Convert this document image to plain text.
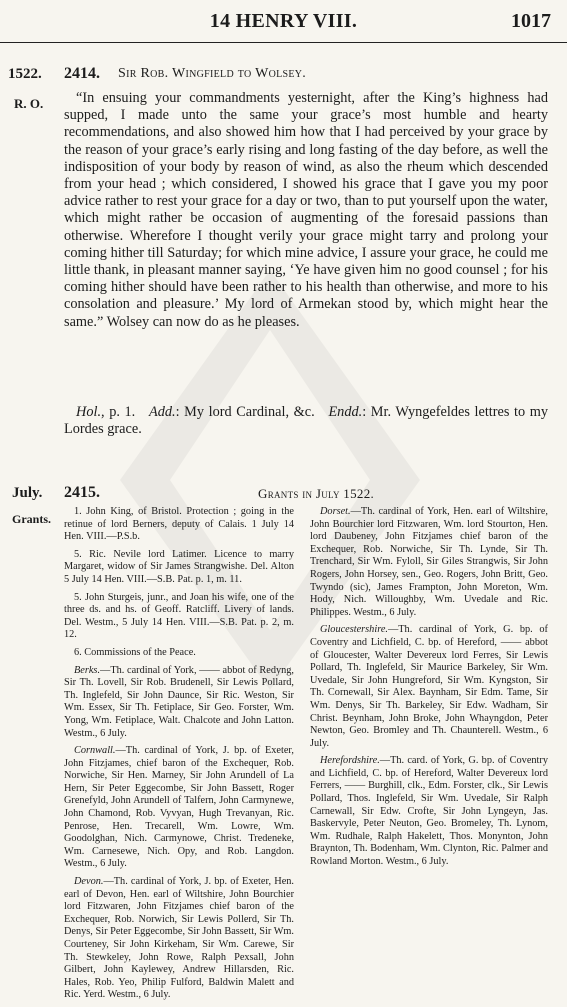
14 HENRY VIII.	1017
1522.
R. O.
2414. Sir Rob. Wingfield to Wolsey.

“In ensuing your commandments yesternight, after the King’s highness had supped, I made unto the same your grace’s most humble and hearty recommendations, and also showed him how that I had perceived by your grace by the reason of your grace’s early rising and long fasting of the day before, as well the indisposition of your body by reason of wind, as also the rheum which descended from your head ; which considered, I showed his grace that I gave you my poor advice rather to rest your grace for a day or two, than to put yourself upon the water, which might rather be occasion of augmenting of the foresaid passions than otherwise. Wherefore I thought verily your grace might tarry and prolong your coming hither till Saturday; for which mine advice, I assure your grace, he could me little thank, in pleasant manner saying, ‘Ye have given him no good counsel ; for his coming hither should have been rather to his health than otherwise, and more to his consolation and pleasure.’ My lord of Armekan stood by, which might hear the same.” Wolsey can now do as he pleases.

Hol., p. 1. Add.: My lord Cardinal, &c. Endd.: Mr. Wyngefeldes lettres to my Lordes grace.

July.
Grants.
2415.	Grants in July 1522.

1. John King, of Bristol. Protection ; going in the retinue of lord Berners, deputy of Calais. 1 July 14 Hen. VIII.—P.S.b.

5. Ric. Nevile lord Latimer. Licence to marry Margaret, widow of Sir James Strangwishe. Del. Alton 5 July 14 Hen. VIII.—S.B. Pat. p. 1, m. 11.

5. John Sturgeis, junr., and Joan his wife, one of the three ds. and hs. of Geoff. Ratcliff. Livery of lands. Del. Westm., 5 July 14 Hen. VIII.—S.B. Pat. p. 2, m. 12.

6. Commissions of the Peace.

Berks.—Th. cardinal of York, —— abbot of Redyng, Sir Th. Lovell, Sir Rob. Brudenell, Sir Lewis Pollard, Th. Inglefeld, Sir John Daunce, Sir Ric. Weston, Sir Wm. Essex, Sir Th. Fetiplace, Sir Geo. Forster, Wm. Yong, Wm. Fetiplace, Walt. Chalcote and John Latton. Westm., 6 July.

Cornwall.—Th. cardinal of York, J. bp. of Exeter, John Fitzjames, chief baron of the Exchequer, Rob. Norwiche, Sir Hen. Marney, Sir John Arundell of La Hern, Sir Peter Eggecombe, Sir John Bassett, Roger Grenefyld, John Arundell of Talfern, John Carmynewe, John Chamond, Rob. Vyvyan, Hugh Trevanyan, Ric. Penrose, Hen. Trecarell, Wm. Lowre, Wm. Goodolghan, Nich. Carmynowe, Christ. Tredeneke, Wm. Carnesewe, Nich. Opy, and Rob. Langdon. Westm., 6 July.

Devon.—Th. cardinal of York, J. bp. of Exeter, Hen. earl of Devon, Hen. earl of Wiltshire, John Bourchier lord Fitzwaren, John Fitzjames chief baron of the Exchequer, Rob. Norwich, Sir Lewis Pollerd, Sir Th. Denys, Sir Peter Eggecombe, Sir John Bassett, Sir Wm. Courteney, Sir John Kirkeham, Sir Wm. Carewe, Sir Th. Stewkeley, John Rowe, Ralph Pexsall, John Gilbert, John Kaylewey, Andrew Hillarsden, Ric. Hales, Rob. Yeo, Philip Fulford, Baldwin Malett and Ric. Yerd. Westm., 6 July.

Dorset.—Th. cardinal of York, Hen. earl of Wiltshire, John Bourchier lord Fitzwaren, Wm. lord Stourton, Hen. lord Daubeney, John Fitzjames chief baron of the Exchequer, Rob. Norwiche, Sir Th. Lynde, Sir Th. Trenchard, Sir Wm. Fyloll, Sir Giles Strangwis, Sir John Rogers, John Horsey, sen., Geo. Rogers, John Britt, Geo. Twyndo (sic), James Frampton, John Moreton, Wm. Hody, Nich. Willoughby, Wm. Uvedale and Ric. Philippes. Westm., 6 July.

Gloucestershire.—Th. cardinal of York, G. bp. of Coventry and Lichfield, C. bp. of Hereford, —— abbot of Gloucester, Walter Devereux lord Ferres, Sir Lewis Pollard, Th. Inglefeld, Sir Maurice Barkeley, Sir Wm. Uvedale, Sir John Hungreford, Sir Wm. Kyngston, Sir Th. Cornewall, Sir Alex. Baynham, Sir Edm. Tame, Sir Wm. Denys, Sir Th. Barkeley, Sir Edw. Wadham, Sir Christ. Beynham, John Broke, John Whayngdon, Peter Newton, Geo. Bromley and Th. Chaunterell. Westm., 6 July.

Herefordshire.—Th. card. of York, G. bp. of Coventry and Lichfield, C. bp. of Hereford, Walter Devereux lord Ferrers, —— Burghill, clk., Edm. Forster, clk., Sir Lewis Pollard, Thos. Inglefeld, Sir Wm. Uvedale, Sir Ralph Carnewall, Sir Edw. Crofte, Sir John Lyngeyn, Jas. Baskervyle, Peter Neuton, Geo. Bromeley, Th. Lynom, Wm. Rudhale, Ralph Hakelett, Thos. Monynton, John Braynton, Th. Bodenham, Wm. Clynton, Ric. Palmer and Rowland Morton. Westm., 6 July.
